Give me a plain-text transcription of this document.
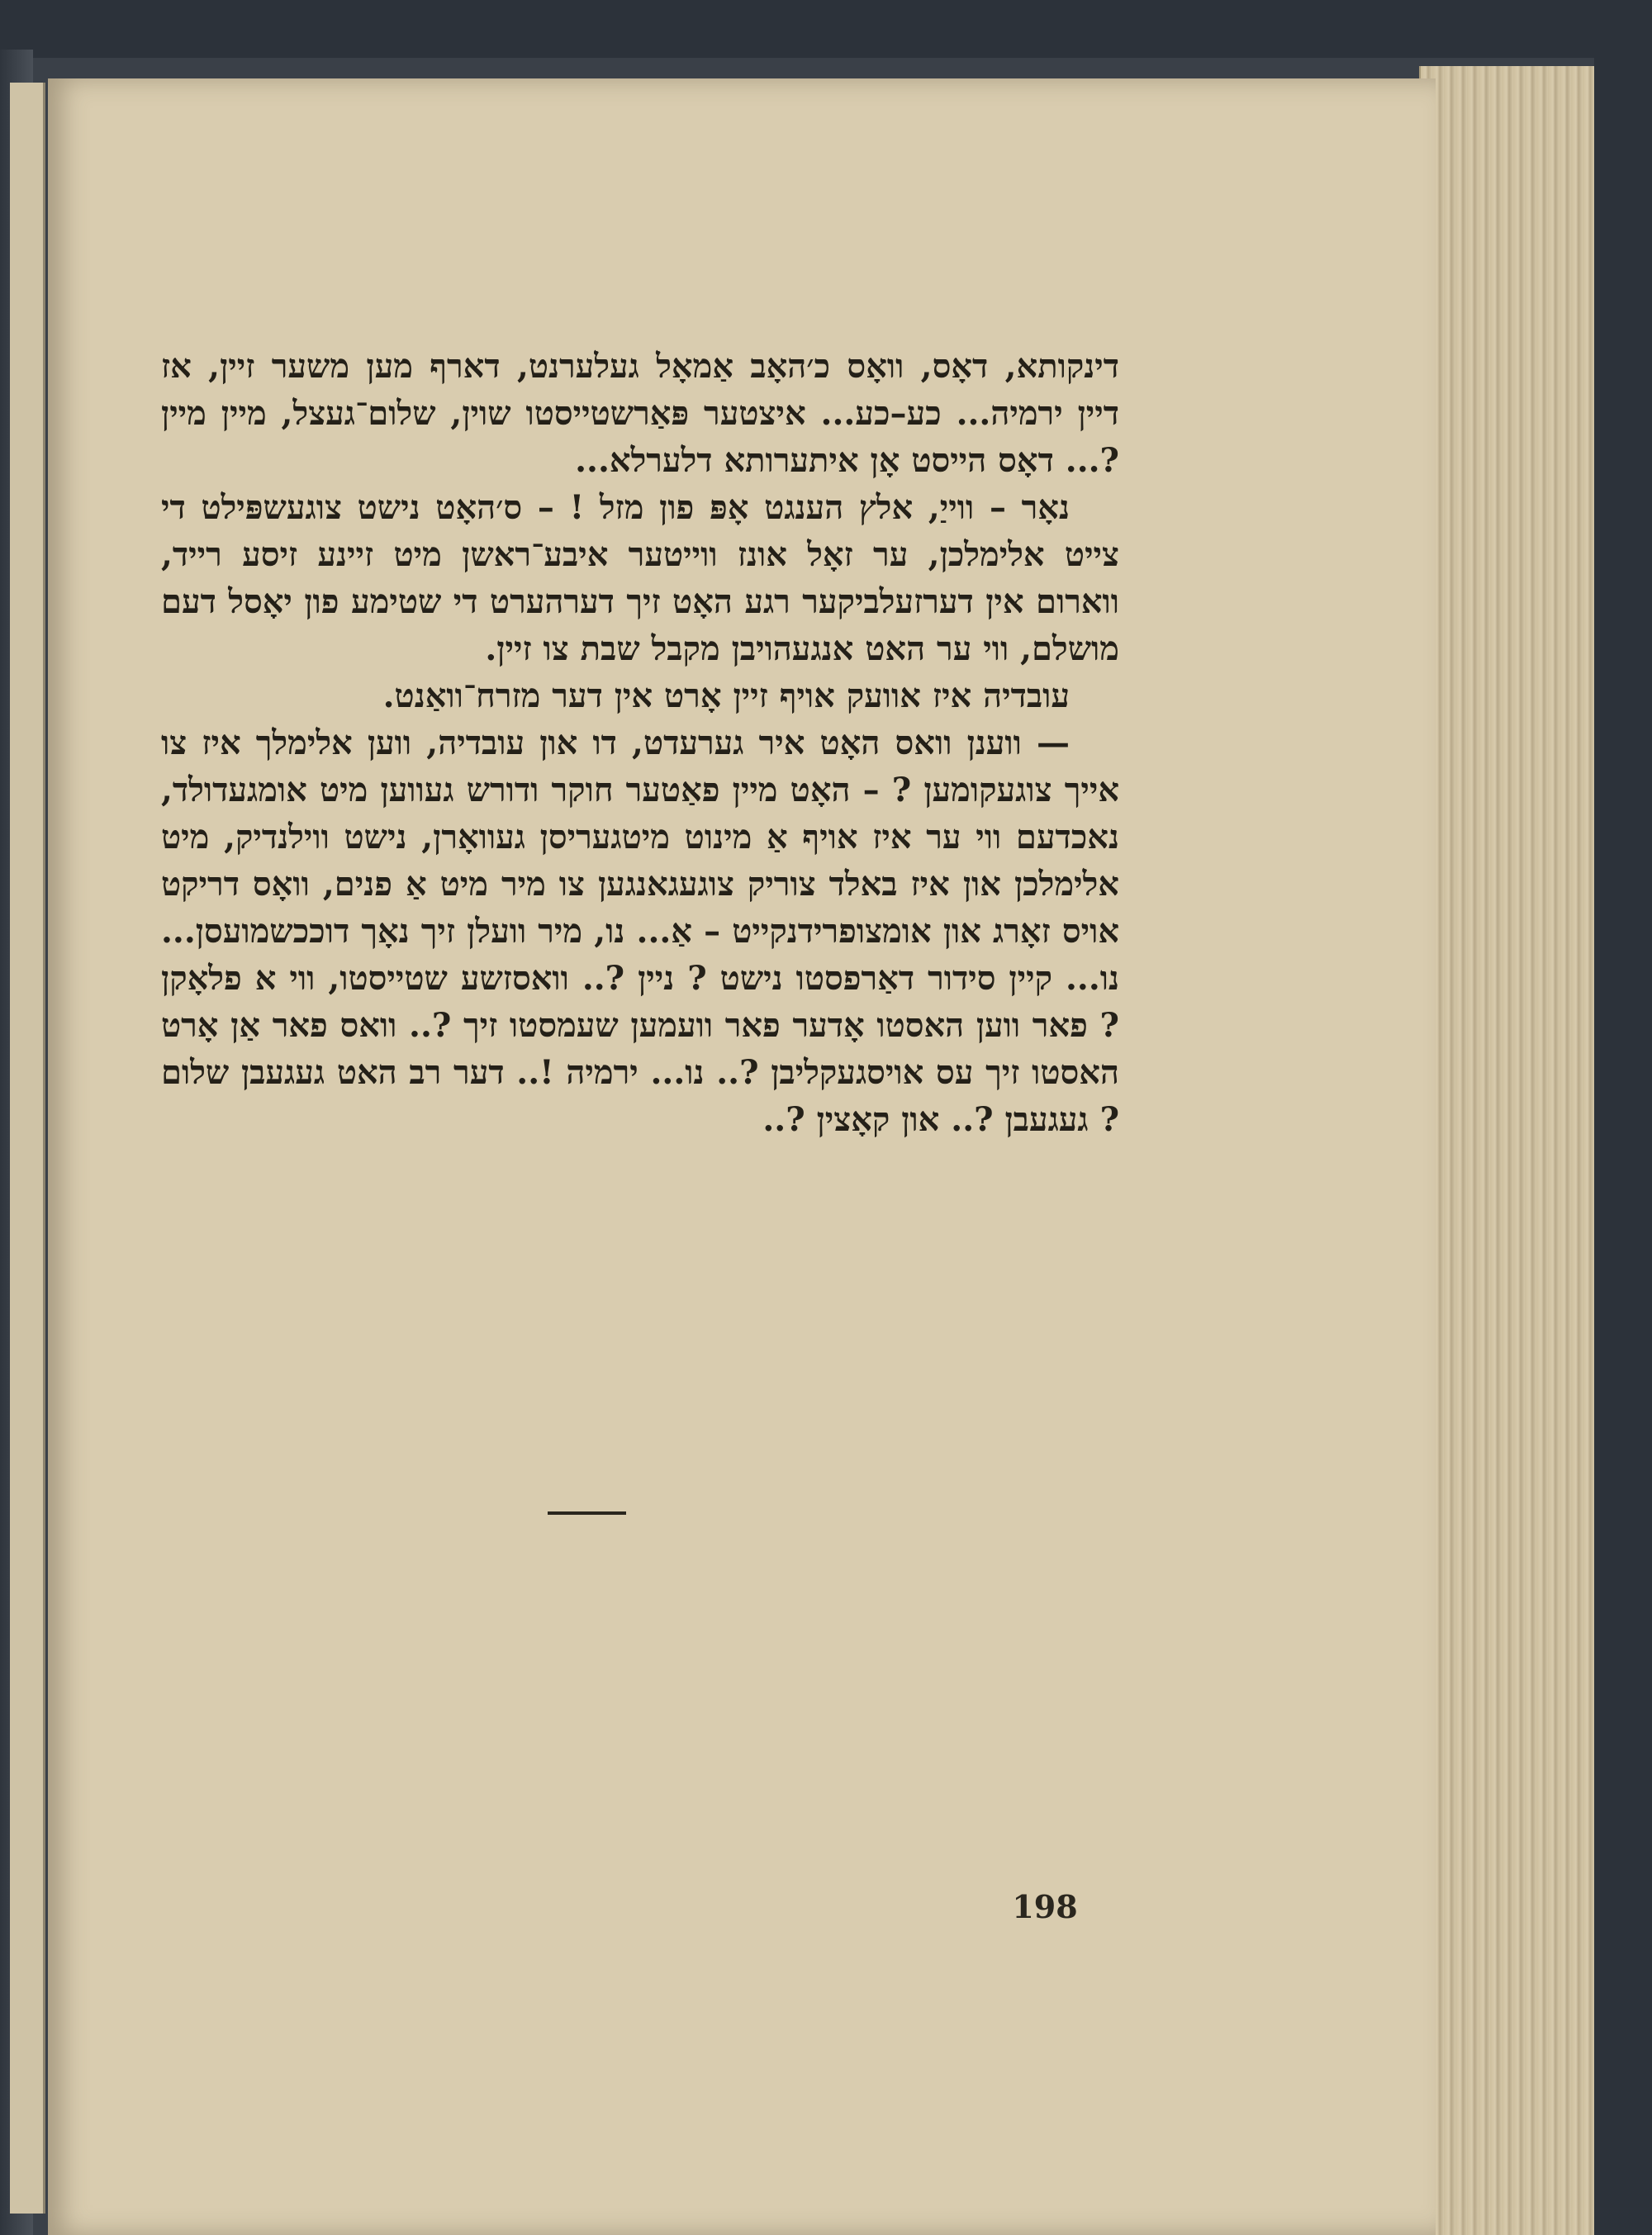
דינקותא, דאָס, וואָס כ׳האָב אַמאָל געלערנט, דארף מען משער זיין, אז דיין ירמיה... כע–כע... איצטער פּאַרשטייסטו שוין, שלום־געצל, מיין מיין ?... דאָס הייסט אָן איתערותא דלערלא...

נאָר – ווייַ, אלץ הענגט אָפּ פון מזל ! – ס׳האָט נישט צוגעשפּילט די צייט אלימלכן, ער זאָל אונז ווייטער איבע־ראשן מיט זיינע זיסע רייד, ווארום אין דערזעלביקער רגע האָט זיך דערהערט די שטימע פון יאָסל דעם מושלם, ווי ער האט אנגעהויבן מקבל שבת צו זיין.

עובדיה איז אוועק אויף זיין אָרט אין דער מזרח־וואַנט.

— ווענן וואס האָט איר גערעדט, דו און עובדיה, ווען אלימלך איז צו אייך צוגעקומען ? – האָט מיין פאַטער חוקר ודורש געווען מיט אומגעדולד, נאכדעם ווי ער איז אויף אַ מינוט מיטגעריסן געוואָרן, נישט ווילנדיק, מיט אלימלכן און איז באלד צוריק צוגעגאנגען צו מיר מיט אַ פנים, וואָס דריקט אויס זאָרג און אומצופרידנקייט – אַ... נו, מיר וועלן זיך נאָך דוככשמועסן... נו... קיין סידור דאַרפסטו נישט ? ניין ?.. וואסזשע שטייסטו, ווי א פלאָקן ? פאר ווען האסטו אָדער פאר וועמען שעמסטו זיך ?.. וואס פאר אַן אָרט האסטו זיך עס אויסגעקליבן ?.. נו... ירמיה !.. דער רב האט געגעבן שלום ? געגעבן ?.. און קאָצין ?..

198
